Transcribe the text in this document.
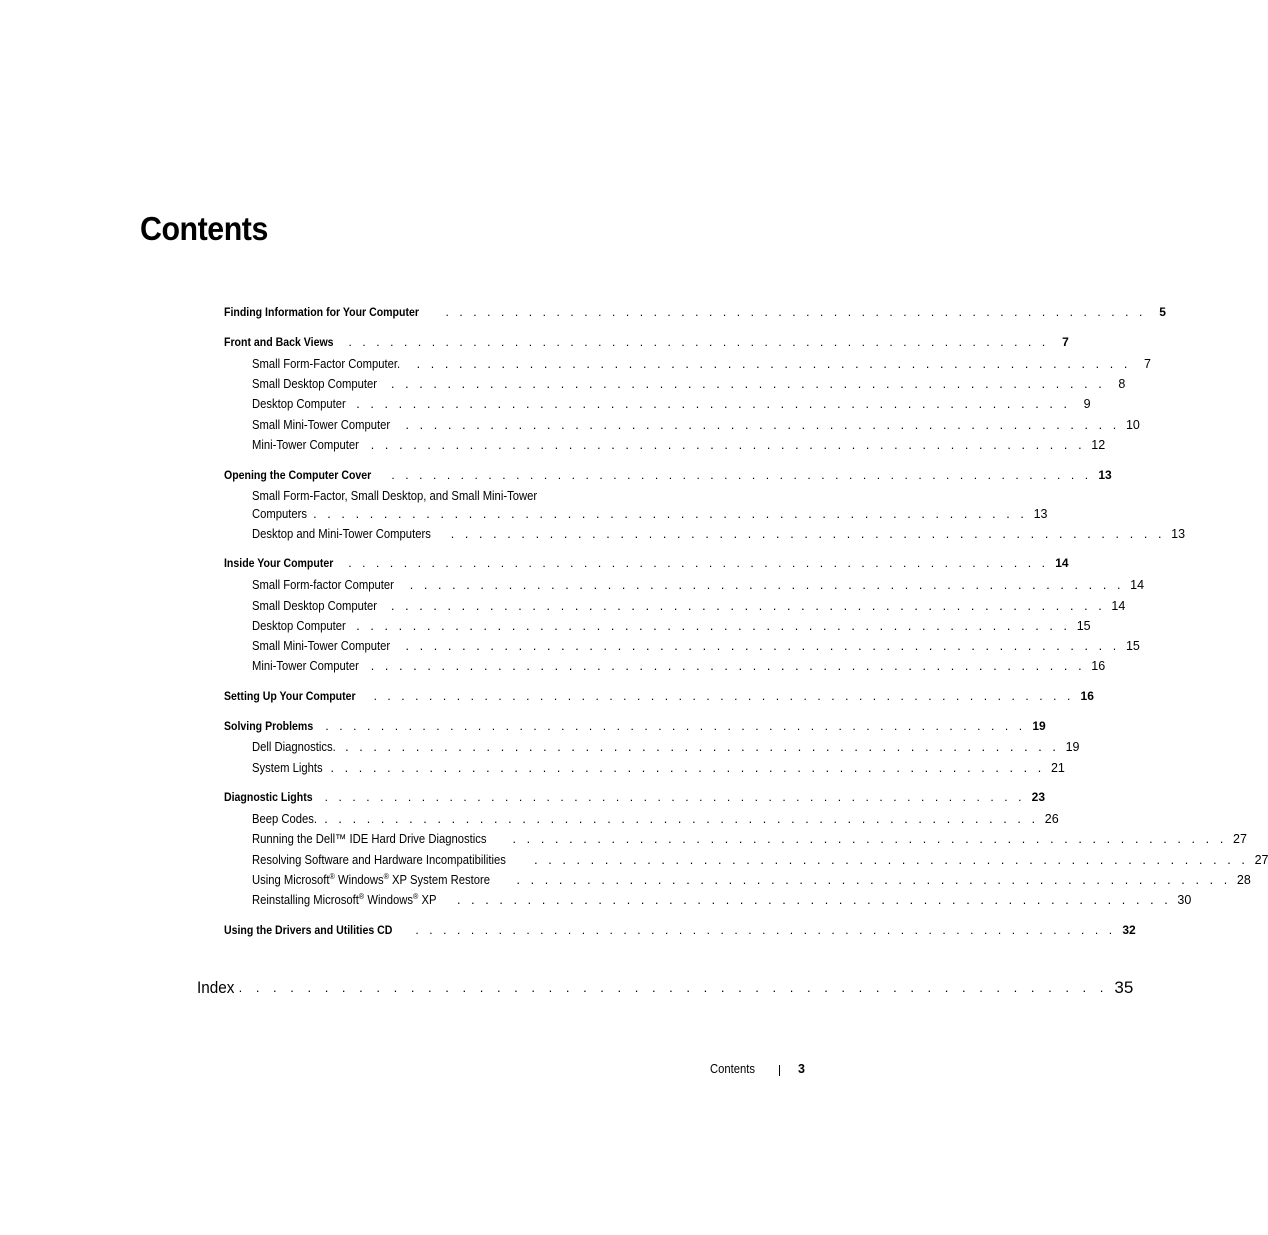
Contents
Finding Information for Your Computer . . . . . . . . . . . . . . . . . . . . . . . . . . . . . . . . . . . . . . . . . . . . . . . . . . .	5
Front and Back Views . . . . . . . . . . . . . . . . . . . . . . . . . . . . . . . . . . . . . . . . . . . . . . . . . . .	7
Small Form-Factor Computer. . . . . . . . . . . . . . . . . . . . . . . . . . . . . . . . . . . . . . . . . . . . . . . . . . . .	7
Small Desktop Computer . . . . . . . . . . . . . . . . . . . . . . . . . . . . . . . . . . . . . . . . . . . . . . . . . . .	8
Desktop Computer . . . . . . . . . . . . . . . . . . . . . . . . . . . . . . . . . . . . . . . . . . . . . . . . . . .	9
Small Mini-Tower Computer . . . . . . . . . . . . . . . . . . . . . . . . . . . . . . . . . . . . . . . . . . . . . . . . . . . 10
Mini-Tower Computer . . . . . . . . . . . . . . . . . . . . . . . . . . . . . . . . . . . . . . . . . . . . . . . . . . . 12
Opening the Computer Cover . . . . . . . . . . . . . . . . . . . . . . . . . . . . . . . . . . . . . . . . . . . . . . . . . . . 13
Small Form-Factor, Small Desktop, and Small Mini-Tower
Computers . . . . . . . . . . . . . . . . . . . . . . . . . . . . . . . . . . . . . . . . . . . . . . . . . . . 13
Desktop and Mini-Tower Computers . . . . . . . . . . . . . . . . . . . . . . . . . . . . . . . . . . . . . . . . . . . . . . . . . . . 13
Inside Your Computer . . . . . . . . . . . . . . . . . . . . . . . . . . . . . . . . . . . . . . . . . . . . . . . . . . . 14
Small Form-factor Computer . . . . . . . . . . . . . . . . . . . . . . . . . . . . . . . . . . . . . . . . . . . . . . . . . . . 14
Small Desktop Computer . . . . . . . . . . . . . . . . . . . . . . . . . . . . . . . . . . . . . . . . . . . . . . . . . . . 14
Desktop Computer . . . . . . . . . . . . . . . . . . . . . . . . . . . . . . . . . . . . . . . . . . . . . . . . . . . 15
Small Mini-Tower Computer . . . . . . . . . . . . . . . . . . . . . . . . . . . . . . . . . . . . . . . . . . . . . . . . . . . 15
Mini-Tower Computer . . . . . . . . . . . . . . . . . . . . . . . . . . . . . . . . . . . . . . . . . . . . . . . . . . . 16
Setting Up Your Computer . . . . . . . . . . . . . . . . . . . . . . . . . . . . . . . . . . . . . . . . . . . . . . . . . . . 16
Solving Problems . . . . . . . . . . . . . . . . . . . . . . . . . . . . . . . . . . . . . . . . . . . . . . . . . . . 19
Dell Diagnostics. . . . . . . . . . . . . . . . . . . . . . . . . . . . . . . . . . . . . . . . . . . . . . . . . . . . 19
System Lights . . . . . . . . . . . . . . . . . . . . . . . . . . . . . . . . . . . . . . . . . . . . . . . . . . . 21
Diagnostic Lights . . . . . . . . . . . . . . . . . . . . . . . . . . . . . . . . . . . . . . . . . . . . . . . . . . . 23
Beep Codes. . . . . . . . . . . . . . . . . . . . . . . . . . . . . . . . . . . . . . . . . . . . . . . . . . . . 26
Running the Dell™ IDE Hard Drive Diagnostics . . . . . . . . . . . . . . . . . . . . . . . . . . . . . . . . . . . . . . . . . . . . . . . . . . . 27
Resolving Software and Hardware Incompatibilities . . . . . . . . . . . . . . . . . . . . . . . . . . . . . . . . . . . . . . . . . . . . . . . . . . . 27
Using Microsoft® Windows® XP System Restore . . . . . . . . . . . . . . . . . . . . . . . . . . . . . . . . . . . . . . . . . . . . . . . . . . . 28
Reinstalling Microsoft® Windows® XP . . . . . . . . . . . . . . . . . . . . . . . . . . . . . . . . . . . . . . . . . . . . . . . . . . . 30
Using the Drivers and Utilities CD . . . . . . . . . . . . . . . . . . . . . . . . . . . . . . . . . . . . . . . . . . . . . . . . . . . 32
Index . . . . . . . . . . . . . . . . . . . . . . . . . . . . . . . . . . . . . . . . . . . . . . . . . . . 35
Contents	3
